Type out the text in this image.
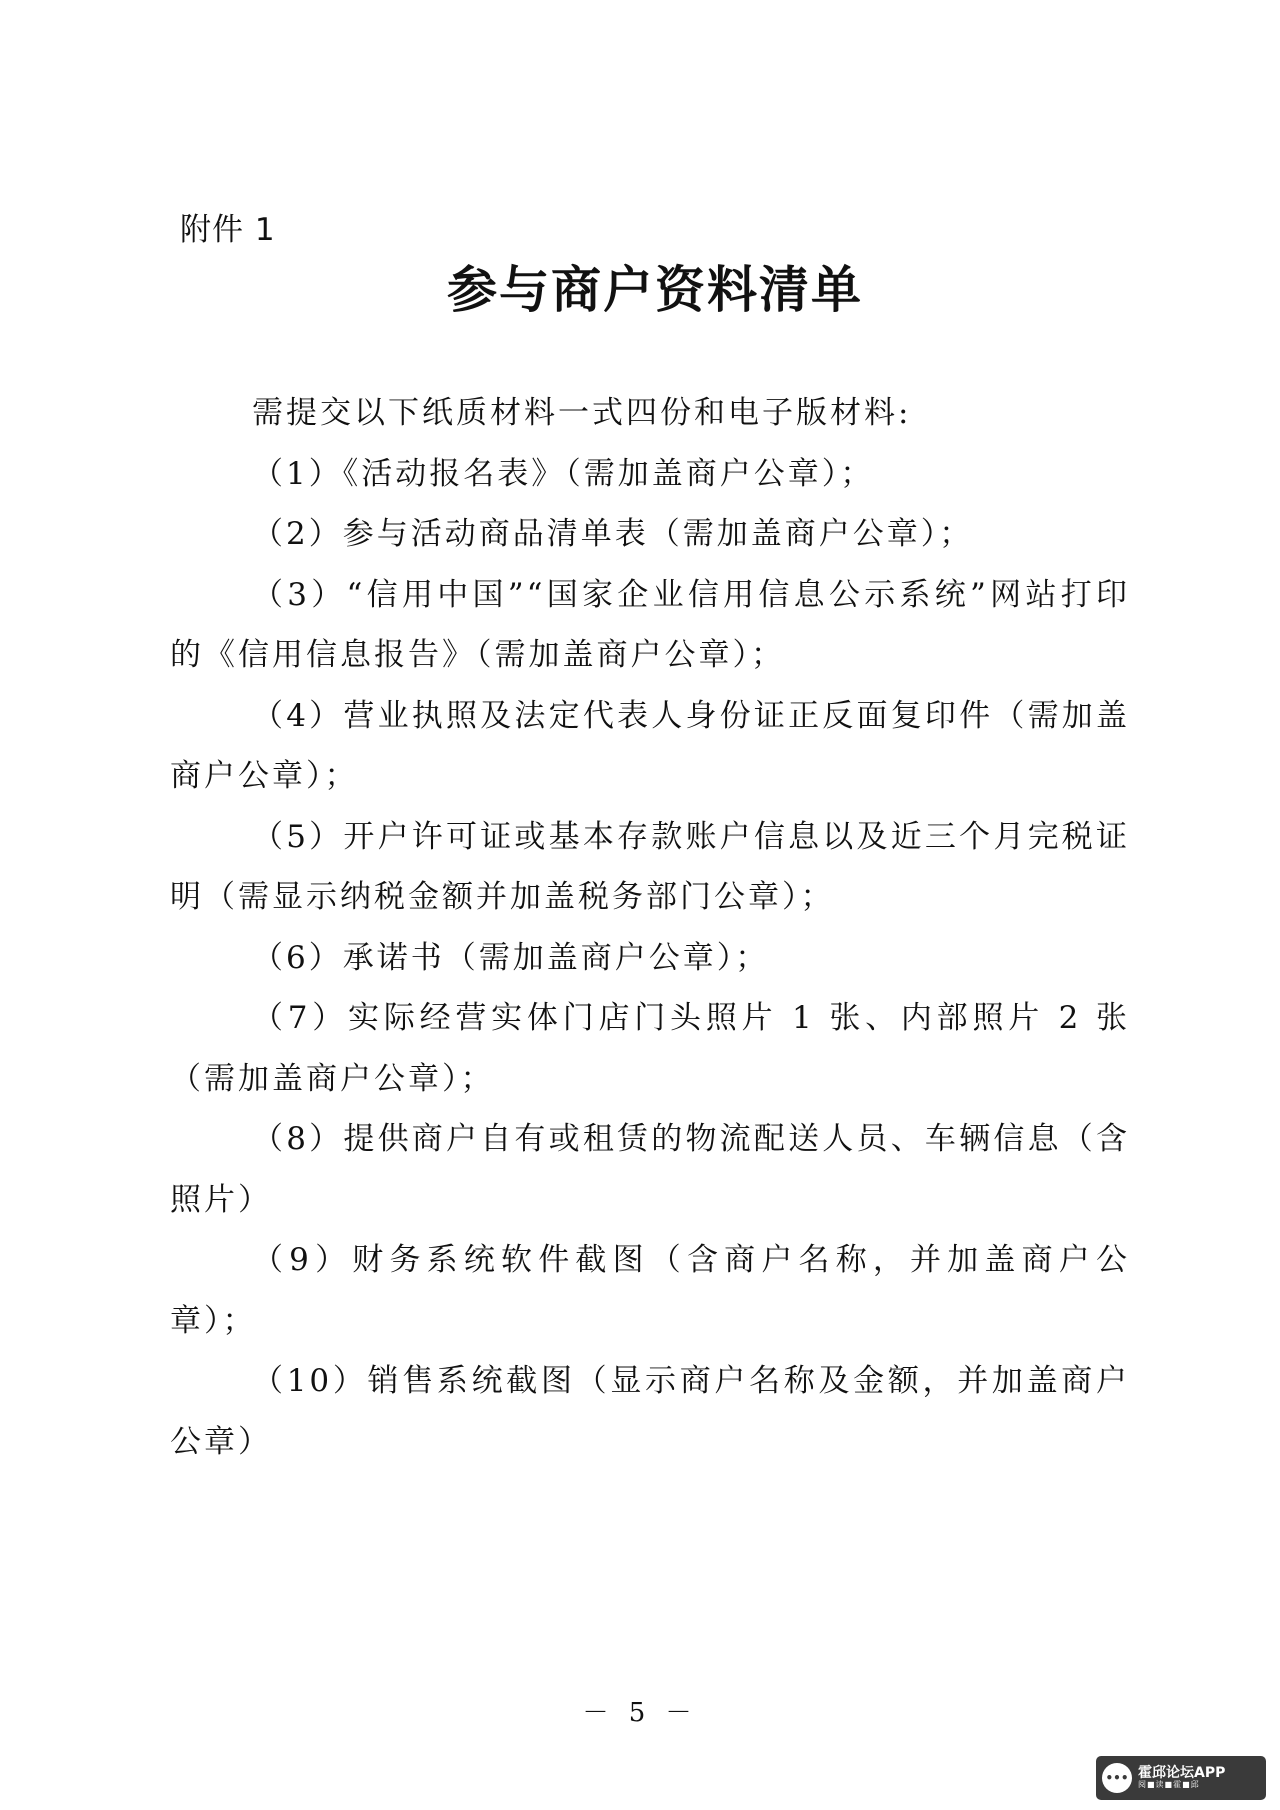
附件 1
参与商户资料清单

需提交以下纸质材料一式四份和电子版材料:

（1）《活动报名表》（需加盖商户公章）；

（2）参与活动商品清单表（需加盖商户公章）；

（3）“信用中国”“国家企业信用信息公示系统”网站打印的《信用信息报告》（需加盖商户公章）；

（4）营业执照及法定代表人身份证正反面复印件（需加盖商户公章）；

（5）开户许可证或基本存款账户信息以及近三个月完税证明（需显示纳税金额并加盖税务部门公章）；

（6）承诺书（需加盖商户公章）；

（7）实际经营实体门店门头照片 1 张、内部照片 2 张（需加盖商户公章）；

（8）提供商户自有或租赁的物流配送人员、车辆信息（含照片）

（9）财务系统软件截图（含商户名称，并加盖商户公章）；

（10）销售系统截图（显示商户名称及金额，并加盖商户公章）

－ 5 －
••• 霍邱论坛APP
阅■读■霍■邱
